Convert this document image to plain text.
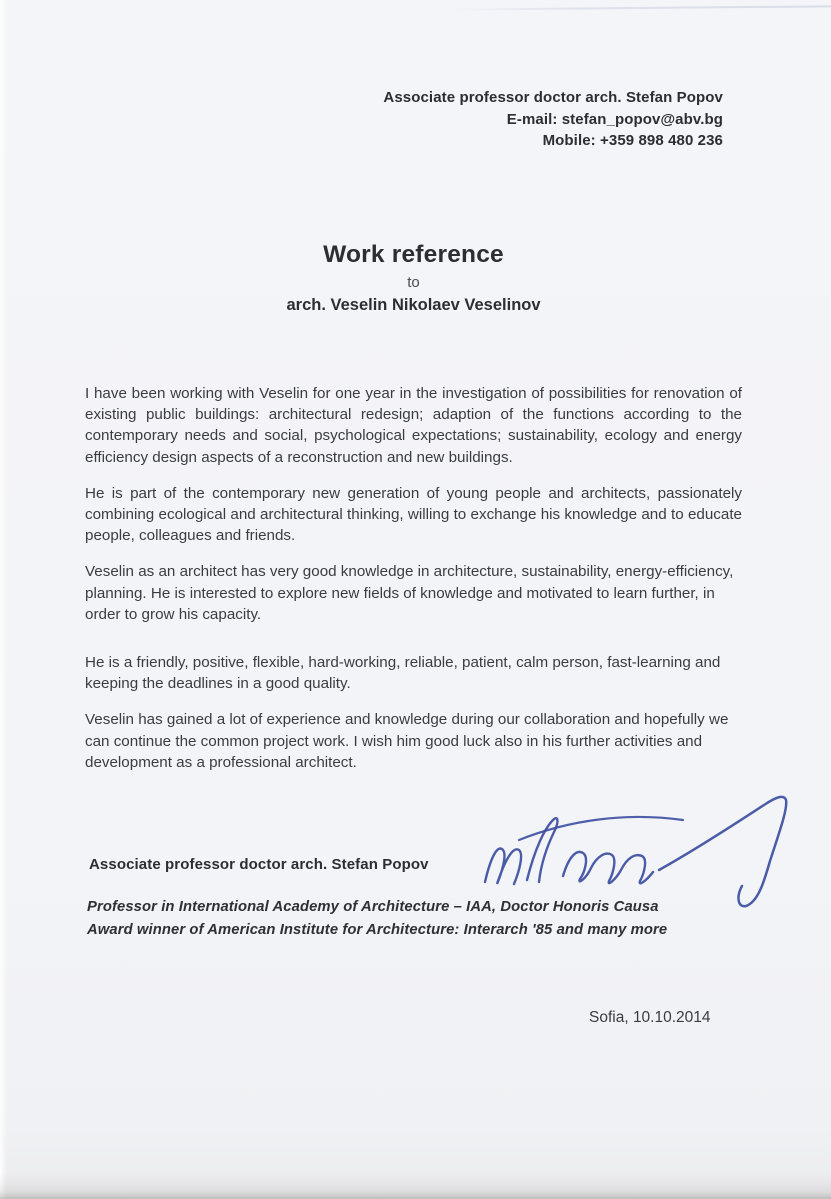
Associate professor doctor arch. Stefan Popov
E-mail: stefan_popov@abv.bg
Mobile: +359 898 480 236
Work reference
to
arch. Veselin Nikolaev Veselinov

I have been working with Veselin for one year in the investigation of possibilities for renovation of existing public buildings: architectural redesign; adaption of the functions according to the contemporary needs and social, psychological expectations; sustainability, ecology and energy efficiency design aspects of a reconstruction and new buildings.

He is part of the contemporary new generation of young people and architects, passionately combining ecological and architectural thinking, willing to exchange his knowledge and to educate people, colleagues and friends.

Veselin as an architect has very good knowledge in architecture, sustainability, energy-efficiency, planning. He is interested to explore new fields of knowledge and motivated to learn further, in order to grow his capacity.

He is a friendly, positive, flexible, hard-working, reliable, patient, calm person, fast-learning and keeping the deadlines in a good quality.

Veselin has gained a lot of experience and knowledge during our collaboration and hopefully we can continue the common project work. I wish him good luck also in his further activities and development as a professional architect.

Associate professor doctor arch. Stefan Popov
Professor in International Academy of Architecture – IAA, Doctor Honoris Causa
Award winner of American Institute for Architecture: Interarch '85 and many more
Sofia, 10.10.2014
